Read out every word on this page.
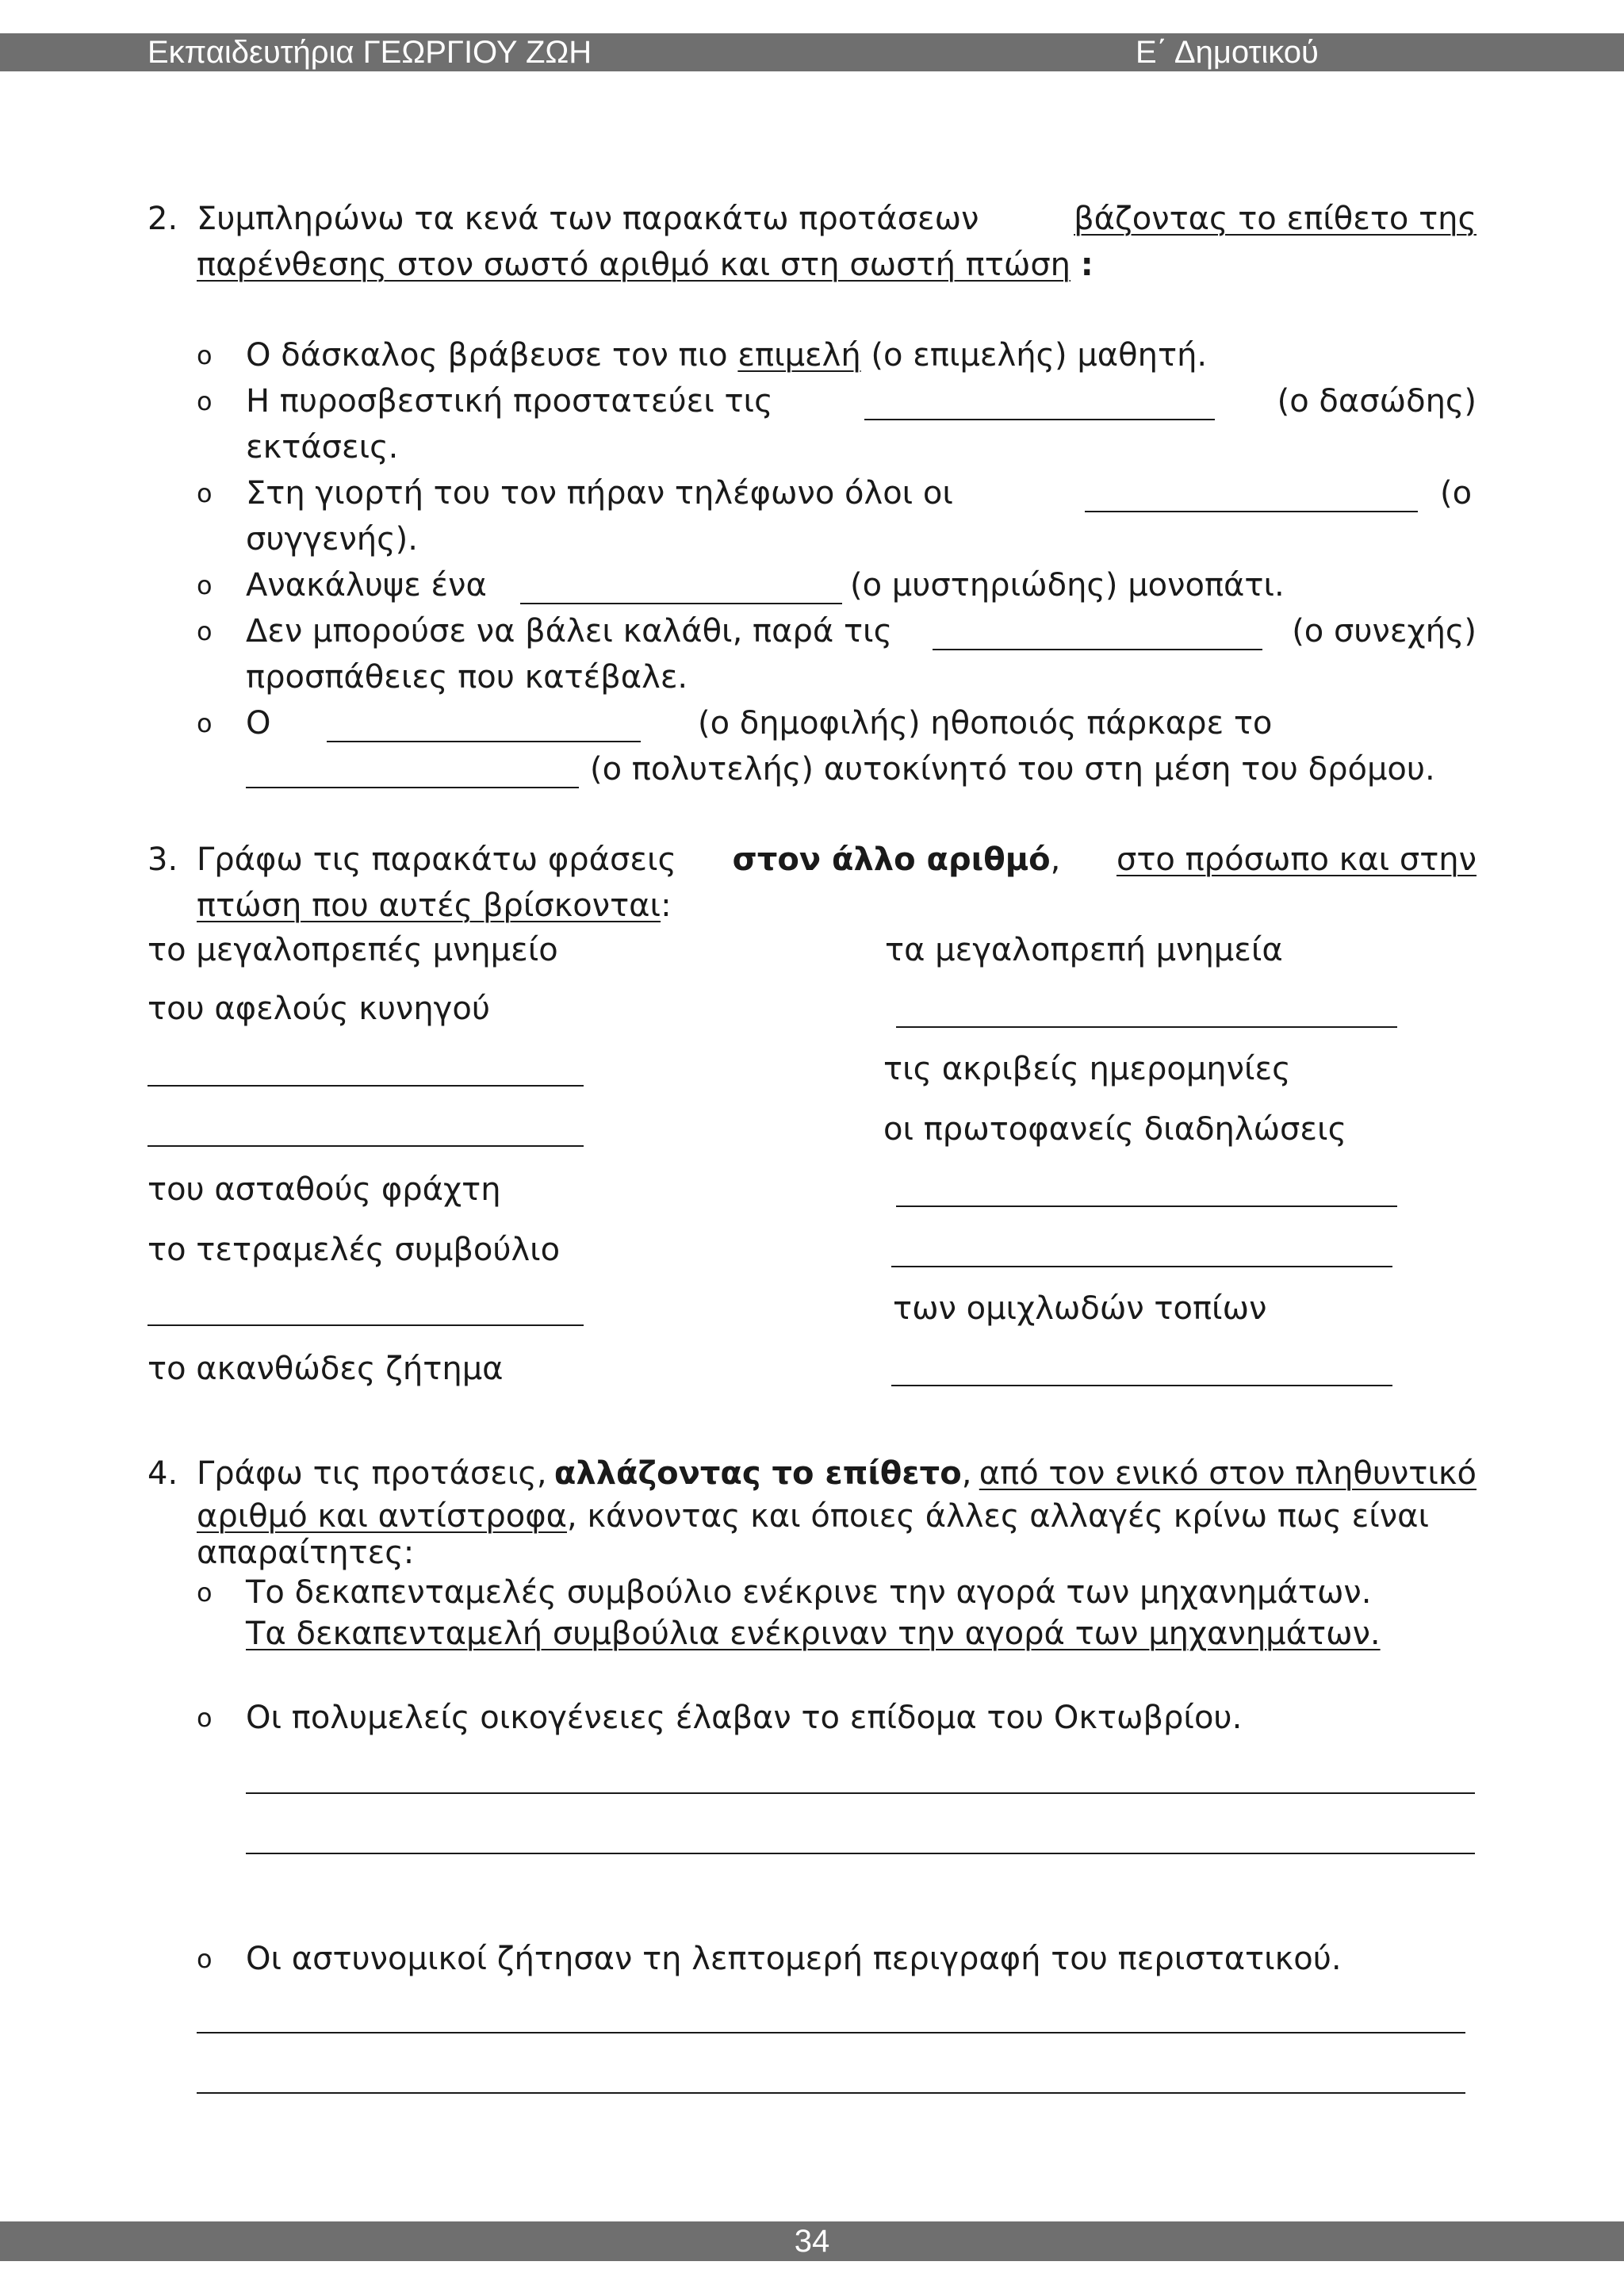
Εκπαιδευτήρια ΓΕΩΡΓΙΟΥ ΖΩΗ	Ε΄ Δημοτικού
2. Συμπληρώνω τα κενά των παρακάτω προτάσεων	βάζοντας το επίθετο της
παρένθεσης στον σωστό αριθμό και στη σωστή πτώση :
o Ο δάσκαλος βράβευσε τον πιο επιμελή (ο επιμελής) μαθητή.
o Η πυροσβεστική προστατεύει τις	(ο δασώδης)
εκτάσεις.
o Στη γιορτή του τον πήραν τηλέφωνο όλοι οι	(ο
συγγενής).
o Ανακάλυψε ένα	(ο μυστηριώδης) μονοπάτι.
o Δεν μπορούσε να βάλει καλάθι, παρά τις	(ο συνεχής)
προσπάθειες που κατέβαλε.
o Ο	(ο δημοφιλής) ηθοποιός πάρκαρε το
(ο πολυτελής) αυτοκίνητό του στη μέση του δρόμου.
3. Γράφω τις παρακάτω φράσεις στον άλλο αριθμό, στο πρόσωπο και στην
πτώση που αυτές βρίσκονται:
το μεγαλοπρεπές μνημείο	τα μεγαλοπρεπή μνημεία
του αφελούς κυνηγού
τις ακριβείς ημερομηνίες
οι πρωτοφανείς διαδηλώσεις
του ασταθούς φράχτη
το τετραμελές συμβούλιο
των ομιχλωδών τοπίων
το ακανθώδες ζήτημα
4. Γράφω τις προτάσεις, αλλάζοντας το επίθετο, από τον ενικό στον πληθυντικό
αριθμό και αντίστροφα, κάνοντας και όποιες άλλες αλλαγές κρίνω πως είναι
απαραίτητες:
o Το δεκαπενταμελές συμβούλιο ενέκρινε την αγορά των μηχανημάτων.
Τα δεκαπενταμελή συμβούλια ενέκριναν την αγορά των μηχανημάτων.
o Οι πολυμελείς οικογένειες έλαβαν το επίδομα του Οκτωβρίου.
o Οι αστυνομικοί ζήτησαν τη λεπτομερή περιγραφή του περιστατικού.
34
